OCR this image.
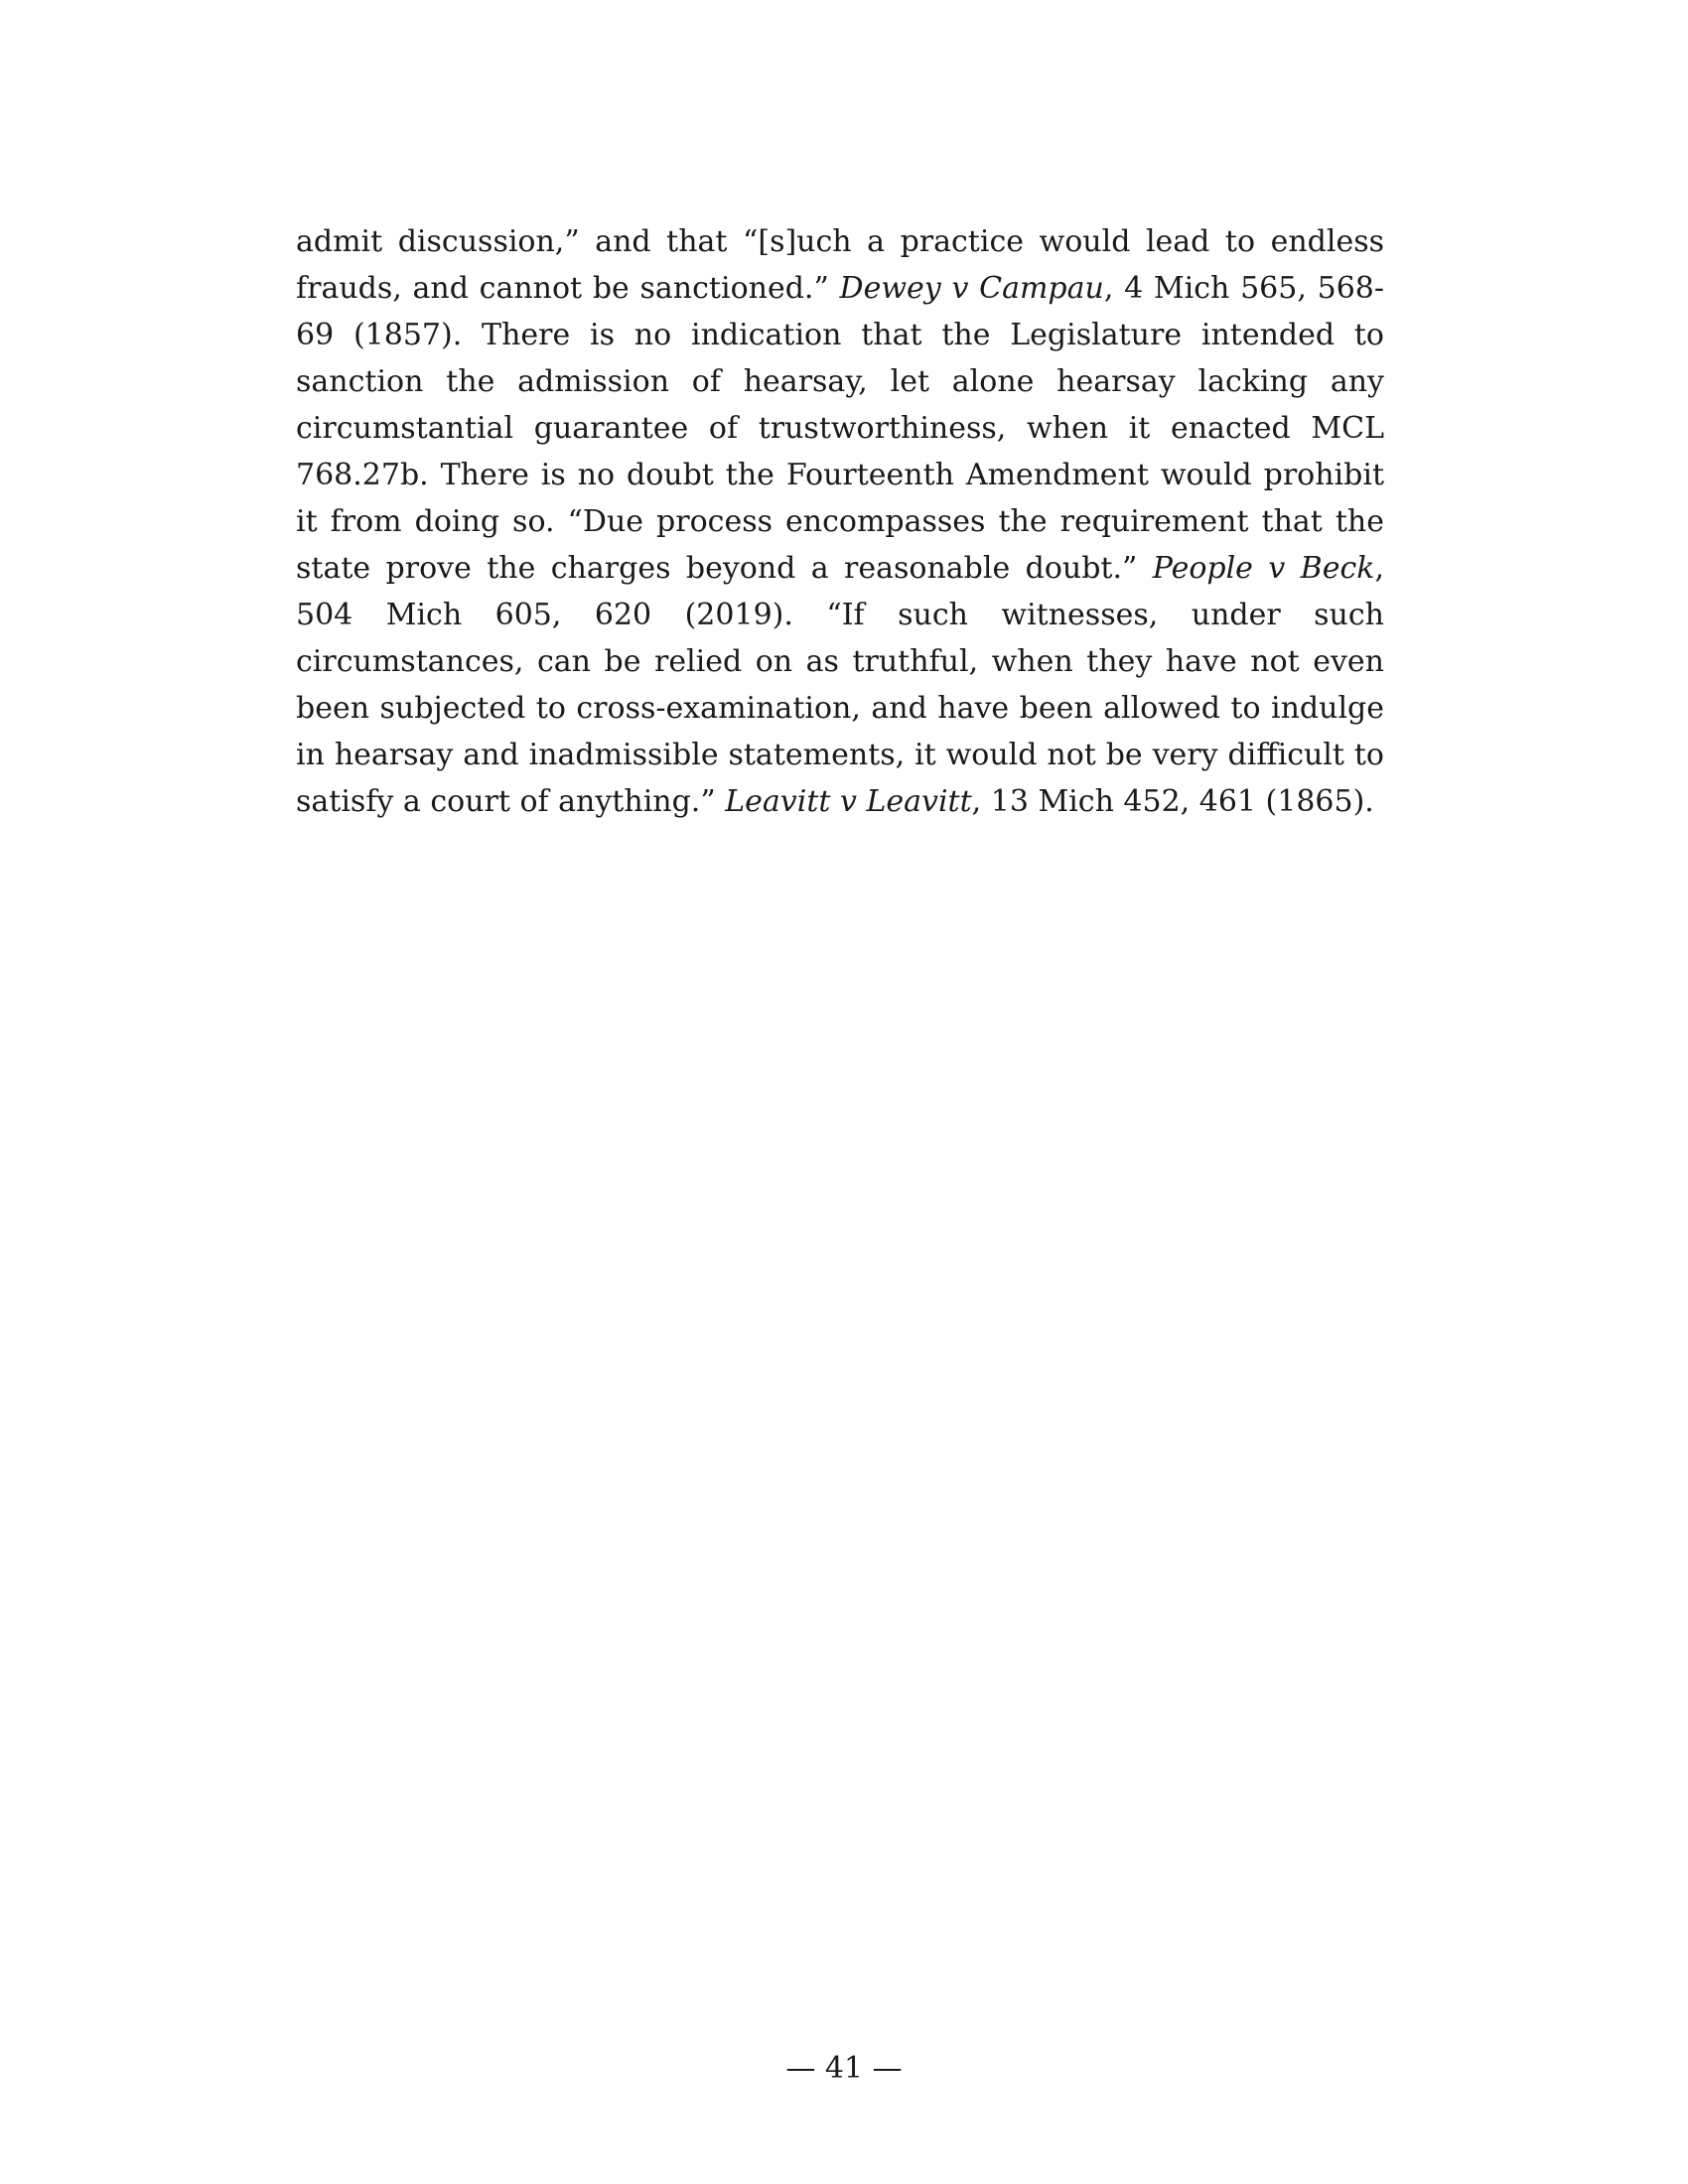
admit discussion,” and that “[s]uch a practice would lead to endless frauds, and cannot be sanctioned.” Dewey v Campau, 4 Mich 565, 568-69 (1857). There is no indication that the Legislature intended to sanction the admission of hearsay, let alone hearsay lacking any circumstantial guarantee of trustworthiness, when it enacted MCL 768.27b. There is no doubt the Fourteenth Amendment would prohibit it from doing so. “Due process encompasses the requirement that the state prove the charges beyond a reasonable doubt.” People v Beck, 504 Mich 605, 620 (2019). “If such witnesses, under such circumstances, can be relied on as truthful, when they have not even been subjected to cross-examination, and have been allowed to indulge in hearsay and inadmissible statements, it would not be very difficult to satisfy a court of anything.” Leavitt v Leavitt, 13 Mich 452, 461 (1865).

— 41 —
